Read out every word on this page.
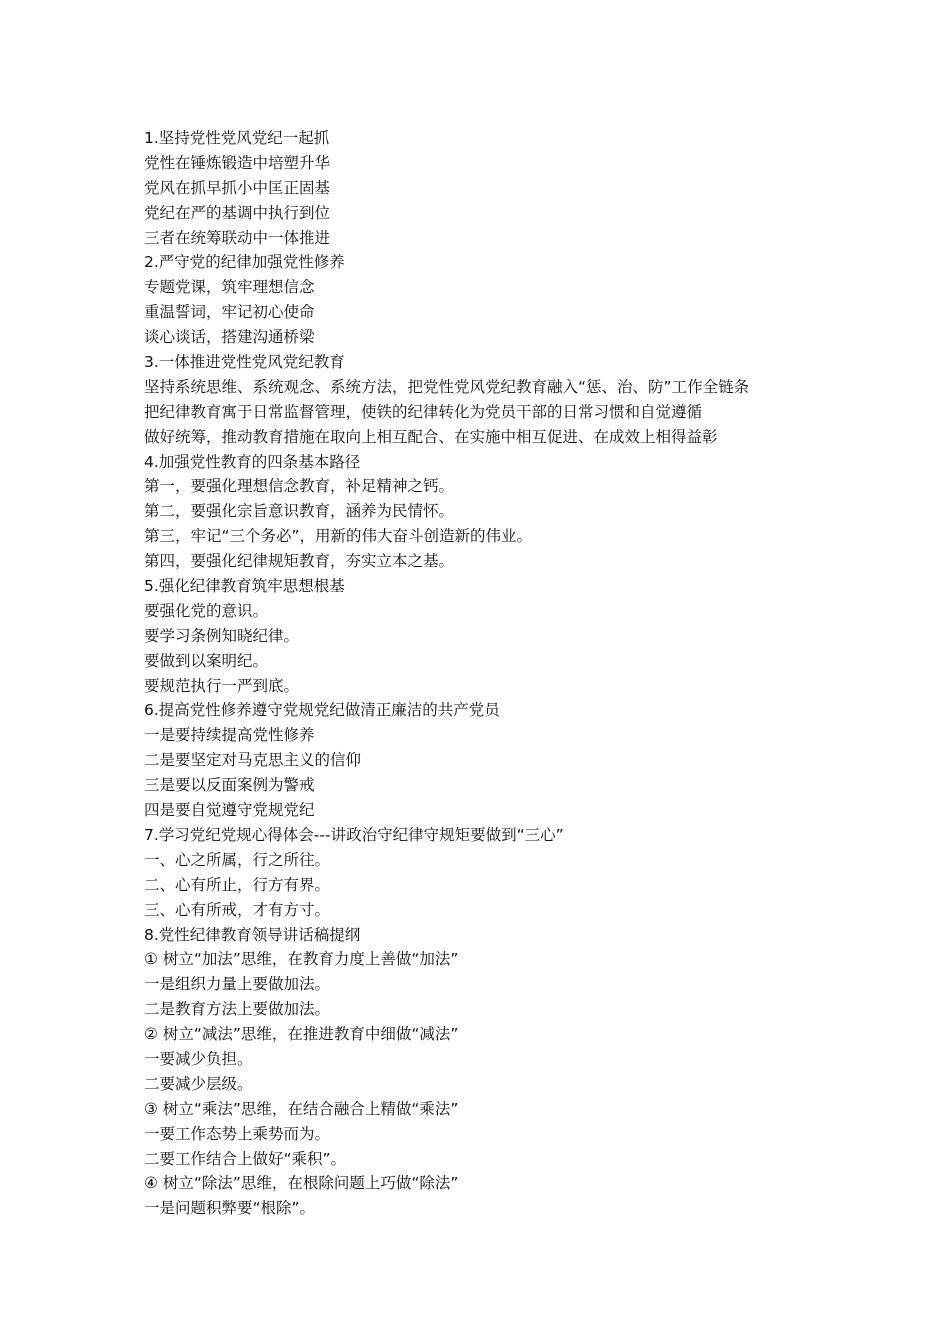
1.坚持党性党风党纪一起抓
党性在锤炼锻造中培塑升华
党风在抓早抓小中匡正固基
党纪在严的基调中执行到位
三者在统筹联动中一体推进
2.严守党的纪律加强党性修养
专题党课，筑牢理想信念
重温誓词，牢记初心使命
谈心谈话，搭建沟通桥梁
3.一体推进党性党风党纪教育
坚持系统思维、系统观念、系统方法，把党性党风党纪教育融入“惩、治、防”工作全链条
把纪律教育寓于日常监督管理，使铁的纪律转化为党员干部的日常习惯和自觉遵循
做好统筹，推动教育措施在取向上相互配合、在实施中相互促进、在成效上相得益彰
4.加强党性教育的四条基本路径
第一，要强化理想信念教育，补足精神之钙。
第二，要强化宗旨意识教育，涵养为民情怀。
第三，牢记“三个务必”，用新的伟大奋斗创造新的伟业。
第四，要强化纪律规矩教育，夯实立本之基。
5.强化纪律教育筑牢思想根基
要强化党的意识。
要学习条例知晓纪律。
要做到以案明纪。
要规范执行一严到底。
6.提高党性修养遵守党规党纪做清正廉洁的共产党员
一是要持续提高党性修养
二是要坚定对马克思主义的信仰
三是要以反面案例为警戒
四是要自觉遵守党规党纪
7.学习党纪党规心得体会---讲政治守纪律守规矩要做到“三心”
一、心之所属，行之所往。
二、心有所止，行方有界。
三、心有所戒，才有方寸。
8.党性纪律教育领导讲话稿提纲
① 树立“加法”思维，在教育力度上善做“加法”
一是组织力量上要做加法。
二是教育方法上要做加法。
② 树立“减法”思维，在推进教育中细做“减法”
一要减少负担。
二要减少层级。
③ 树立“乘法”思维，在结合融合上精做“乘法”
一要工作态势上乘势而为。
二要工作结合上做好“乘积”。
④ 树立“除法”思维，在根除问题上巧做“除法”
一是问题积弊要“根除”。
